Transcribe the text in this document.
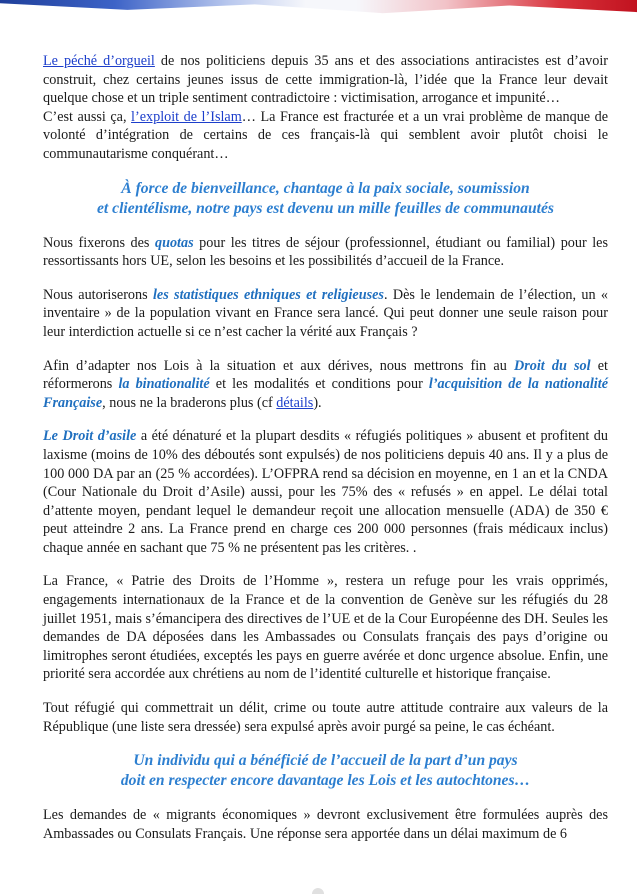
Le péché d’orgueil de nos politiciens depuis 35 ans et des associations antiracistes est d’avoir construit, chez certains jeunes issus de cette immigration-là, l’idée que la France leur devait quelque chose et un triple sentiment contradictoire : victimisation, arrogance et impunité…
C’est aussi ça, l’exploit de l’Islam… La France est fracturée et a un vrai problème de manque de volonté d’intégration de certains de ces français-là qui semblent avoir plutôt choisi le communautarisme conquérant…

À force de bienveillance, chantage à la paix sociale, soumission
et clientélisme, notre pays est devenu un mille feuilles de communautés

Nous fixerons des quotas pour les titres de séjour (professionnel, étudiant ou familial) pour les ressortissants hors UE, selon les besoins et les possibilités d’accueil de la France.

Nous autoriserons les statistiques ethniques et religieuses. Dès le lendemain de l’élection, un « inventaire » de la population vivant en France sera lancé. Qui peut donner une seule raison pour leur interdiction actuelle si ce n’est cacher la vérité aux Français ?

Afin d’adapter nos Lois à la situation et aux dérives, nous mettrons fin au Droit du sol et réformerons la binationalité et les modalités et conditions pour l’acquisition de la nationalité Française, nous ne la braderons plus (cf détails).

Le Droit d’asile a été dénaturé et la plupart desdits « réfugiés politiques » abusent et profitent du laxisme (moins de 10% des déboutés sont expulsés) de nos politiciens depuis 40 ans. Il y a plus de 100 000 DA par an (25 % accordées). L’OFPRA rend sa décision en moyenne, en 1 an et la CNDA (Cour Nationale du Droit d’Asile) aussi, pour les 75% des « refusés » en appel. Le délai total d’attente moyen, pendant lequel le demandeur reçoit une allocation mensuelle (ADA) de 350 € peut atteindre 2 ans. La France prend en charge ces 200 000 personnes (frais médicaux inclus) chaque année en sachant que 75 % ne présentent pas les critères. .

La France, « Patrie des Droits de l’Homme », restera un refuge pour les vrais opprimés, engagements internationaux de la France et de la convention de Genève sur les réfugiés du 28 juillet 1951, mais s’émancipera des directives de l’UE et de la Cour Européenne des DH. Seules les demandes de DA déposées dans les Ambassades ou Consulats français des pays d’origine ou limitrophes seront étudiées, exceptés les pays en guerre avérée et donc urgence absolue. Enfin, une priorité sera accordée aux chrétiens au nom de l’identité culturelle et historique française.

Tout réfugié qui commettrait un délit, crime ou toute autre attitude contraire aux valeurs de la République (une liste sera dressée) sera expulsé après avoir purgé sa peine, le cas échéant.

Un individu qui a bénéficié de l’accueil de la part d’un pays
doit en respecter encore davantage les Lois et les autochtones…

Les demandes de « migrants économiques » devront exclusivement être formulées auprès des Ambassades ou Consulats Français. Une réponse sera apportée dans un délai maximum de 6
